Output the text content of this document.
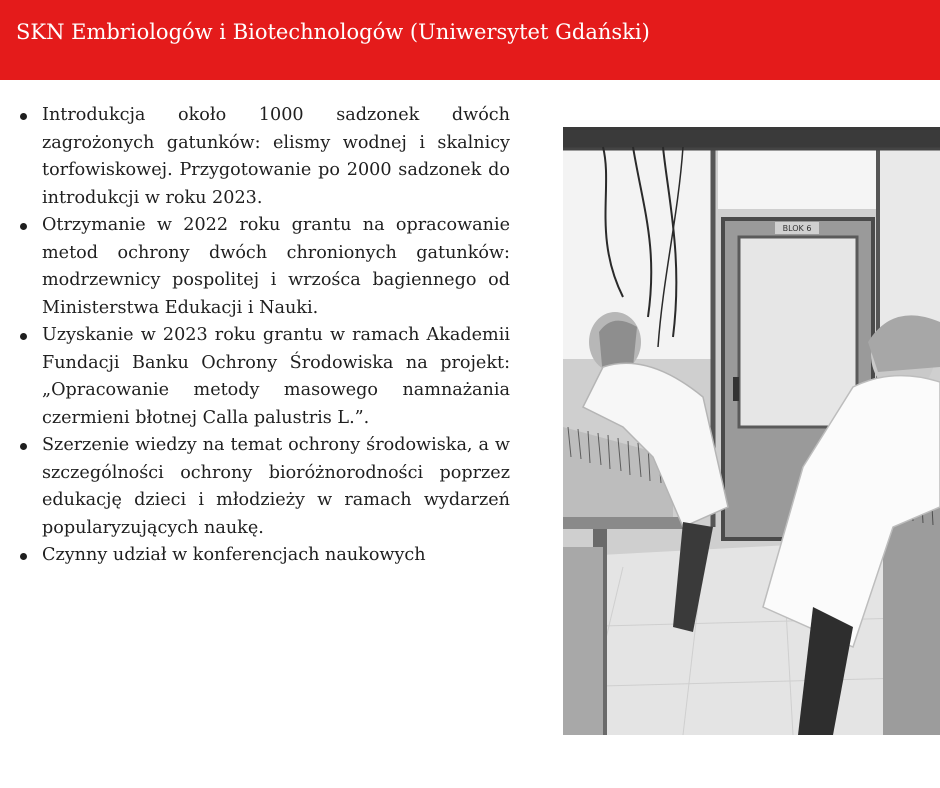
SKN Embriologów i Biotechnologów (Uniwersytet Gdański)
Introdukcja około 1000 sadzonek dwóch zagrożonych gatunków: elismy wodnej i skalnicy torfowiskowej. Przygotowanie po 2000 sadzonek do introdukcji w roku 2023.
Otrzymanie w 2022 roku grantu na opracowanie metod ochrony dwóch chronionych gatunków: modrzewnicy pospolitej i wrzośca bagiennego od Ministerstwa Edukacji i Nauki.
Uzyskanie w 2023 roku grantu w ramach Akademii Fundacji Banku Ochrony Środowiska na projekt: „Opracowanie metody masowego namnażania czermieni błotnej Calla palustris L.”.
Szerzenie wiedzy na temat ochrony środowiska, a w szczególności ochrony bioróżnorodności poprzez edukację dzieci i młodzieży w ramach wydarzeń popularyzujących naukę.
Czynny udział w konferencjach naukowych
BLOK 6
